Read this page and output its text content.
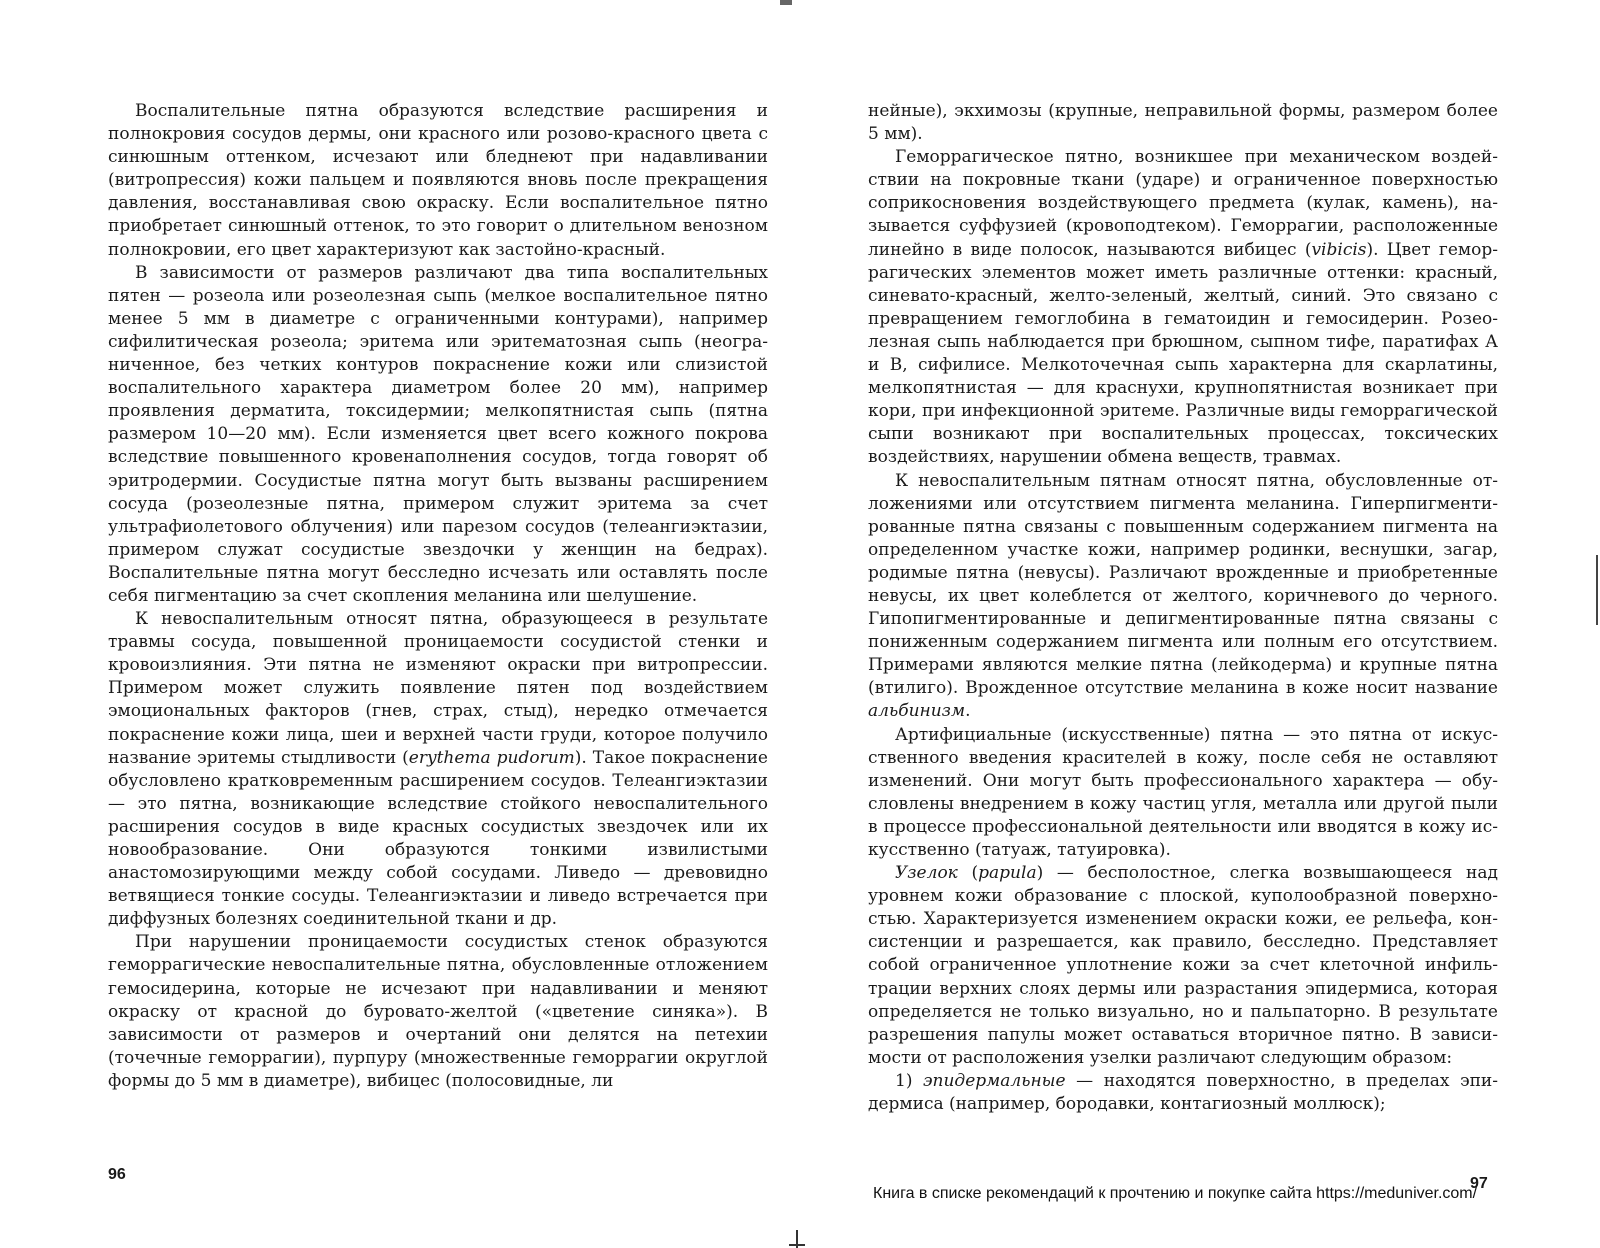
Воспалительные пятна образуются вследствие расширения и полнокровия сосудов дермы, они красного или розово-красного цвета с синюшным оттенком, исчезают или бледнеют при надавливании (витропрессия) кожи пальцем и появляются вновь после прекращения давления, восстанавливая свою окраску. Если воспалительное пятно приобретает синюшный оттенок, то это говорит о длительном венозном полнокровии, его цвет характеризуют как застойно-красный.

В зависимости от размеров различают два типа воспалительных пятен — розеола или розеолезная сыпь (мелкое воспалительное пятно менее 5 мм в диаметре с ограниченными контурами), например сифилитическая розеола; эритема или эритематозная сыпь (неограниченное, без четких контуров покраснение кожи или слизистой воспалительного характера диаметром более 20 мм), например проявления дерматита, токсидермии; мелкопятнистая сыпь (пятна размером 10—20 мм). Если изменяется цвет всего кожного покрова вследствие повышенного кровенаполнения сосудов, тогда говорят об эритродермии. Сосудистые пятна могут быть вызваны расширением сосуда (розеолезные пятна, примером служит эритема за счет ультрафиолетового облучения) или парезом сосудов (телеангиэктазии, примером служат сосудистые звездочки у женщин на бедрах). Воспалительные пятна могут бесследно исчезать или оставлять после себя пигментацию за счет скопления меланина или шелушение.

К невоспалительным относят пятна, образующееся в результате травмы сосуда, повышенной проницаемости сосудистой стенки и кровоизлияния. Эти пятна не изменяют окраски при витропрессии. Примером может служить появление пятен под воздействием эмоциональных факторов (гнев, страх, стыд), нередко отмечается покраснение кожи лица, шеи и верхней части груди, которое получило название эритемы стыдливости (erythema pudorum). Такое покраснение обусловлено кратковременным расширением сосудов. Телеангиэктазии — это пятна, возникающие вследствие стойкого невоспалительного расширения сосудов в виде красных сосудистых звездочек или их новообразование. Они образуются тонкими извилистыми анастомозирующими между собой сосудами. Ливедо — древовидно ветвящиеся тонкие сосуды. Телеангиэктазии и ливедо встречается при диффузных болезнях соединительной ткани и др.

При нарушении проницаемости сосудистых стенок образуются геморрагические невоспалительные пятна, обусловленные отложением гемосидерина, которые не исчезают при надавливании и меняют окраску от красной до буровато-желтой («цветение синяка»). В зависимости от размеров и очертаний они делятся на петехии (точечные геморрагии), пурпуру (множественные геморрагии округлой формы до 5 мм в диаметре), вибицес (полосовидные, ли

нейные), экхимозы (крупные, неправильной формы, размером более 5 мм).

Геморрагическое пятно, возникшее при механическом воздействии на покровные ткани (ударе) и ограниченное поверхностью соприкосновения воздействующего предмета (кулак, камень), называется суффузией (кровоподтеком). Геморрагии, расположенные линейно в виде полосок, называются вибицес (vibicis). Цвет геморрагических элементов может иметь различные оттенки: красный, синевато-красный, желто-зеленый, желтый, синий. Это связано с превращением гемоглобина в гематоидин и гемосидерин. Розеолезная сыпь наблюдается при брюшном, сыпном тифе, паратифах А и В, сифилисе. Мелкоточечная сыпь характерна для скарлатины, мелкопятнистая — для краснухи, крупнопятнистая возникает при кори, при инфекционной эритеме. Различные виды геморрагической сыпи возникают при воспалительных процессах, токсических воздействиях, нарушении обмена веществ, травмах.

К невоспалительным пятнам относят пятна, обусловленные отложениями или отсутствием пигмента меланина. Гиперпигментированные пятна связаны с повышенным содержанием пигмента на определенном участке кожи, например родинки, веснушки, загар, родимые пятна (невусы). Различают врожденные и приобретенные невусы, их цвет колеблется от желтого, коричневого до черного. Гипопигментированные и депигментированные пятна связаны с пониженным содержанием пигмента или полным его отсутствием. Примерами являются мелкие пятна (лейкодерма) и крупные пятна (втилиго). Врожденное отсутствие меланина в коже носит название альбинизм.

Артифициальные (искусственные) пятна — это пятна от искусственного введения красителей в кожу, после себя не оставляют изменений. Они могут быть профессионального характера — обусловлены внедрением в кожу частиц угля, металла или другой пыли в процессе профессиональной деятельности или вводятся в кожу искусственно (татуаж, татуировка).

Узелок (papula) — бесполостное, слегка возвышающееся над уровнем кожи образование с плоской, куполообразной поверхностью. Характеризуется изменением окраски кожи, ее рельефа, консистенции и разрешается, как правило, бесследно. Представляет собой ограниченное уплотнение кожи за счет клеточной инфильтрации верхних слоях дермы или разрастания эпидермиса, которая определяется не только визуально, но и пальпаторно. В результате разрешения папулы может оставаться вторичное пятно. В зависимости от расположения узелки различают следующим образом:

1) эпидермальные — находятся поверхностно, в пределах эпидермиса (например, бородавки, контагиозный моллюск);

96
97
Книга в списке рекомендаций к прочтению и покупке сайта https://meduniver.com/
